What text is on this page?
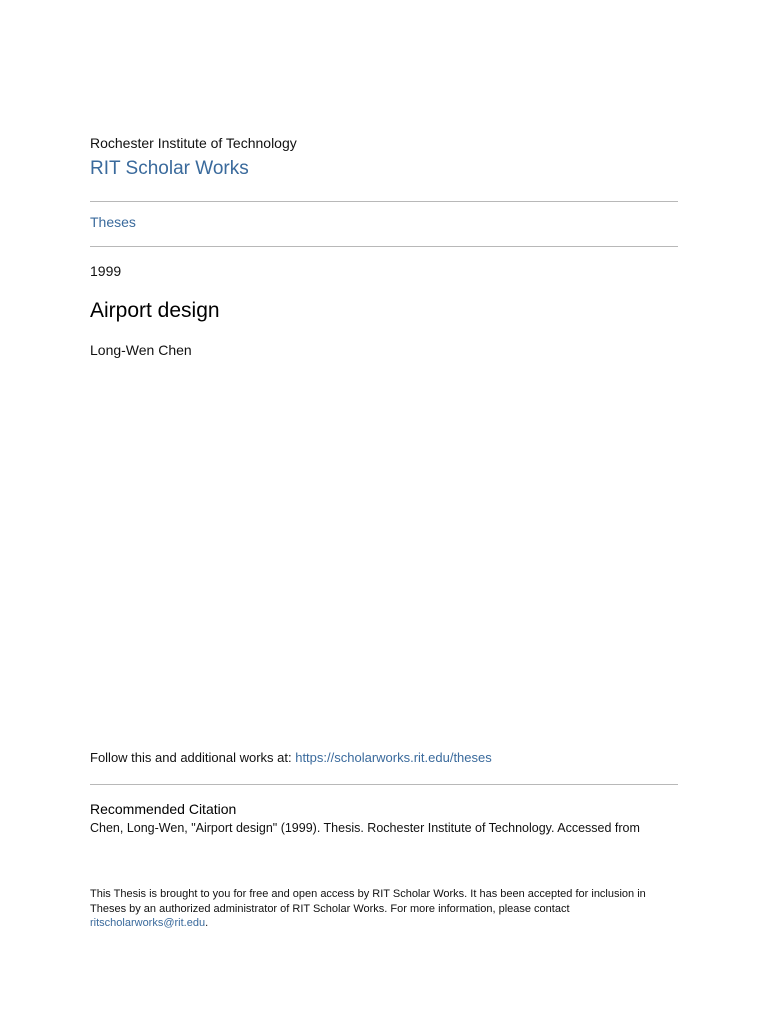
Rochester Institute of Technology
RIT Scholar Works
Theses
1999
Airport design
Long-Wen Chen
Follow this and additional works at: https://scholarworks.rit.edu/theses
Recommended Citation
Chen, Long-Wen, "Airport design" (1999). Thesis. Rochester Institute of Technology. Accessed from
This Thesis is brought to you for free and open access by RIT Scholar Works. It has been accepted for inclusion in Theses by an authorized administrator of RIT Scholar Works. For more information, please contact ritscholarworks@rit.edu.
